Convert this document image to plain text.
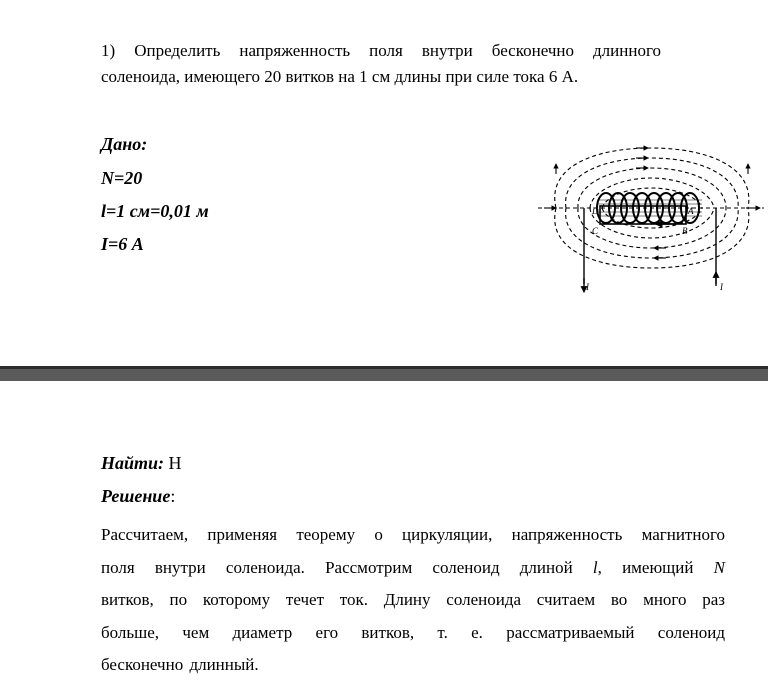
1) Определить напряженность поля внутри бесконечно длинного
соленоида, имеющего 20 витков на 1 см длины при силе тока 6 А.
Дано:
N=20
l=1 см=0,01 м
I=6 А
I	I
D	A
C	B
Найти: H
Решение:
Рассчитаем, применяя теорему о циркуляции, напряженность магнитного
поля внутри соленоида. Рассмотрим соленоид длиной l, имеющий N
витков, по которому течет ток. Длину соленоида считаем во много раз
больше, чем диаметр его витков, т. е. рассматриваемый соленоид
бесконечно длинный.
